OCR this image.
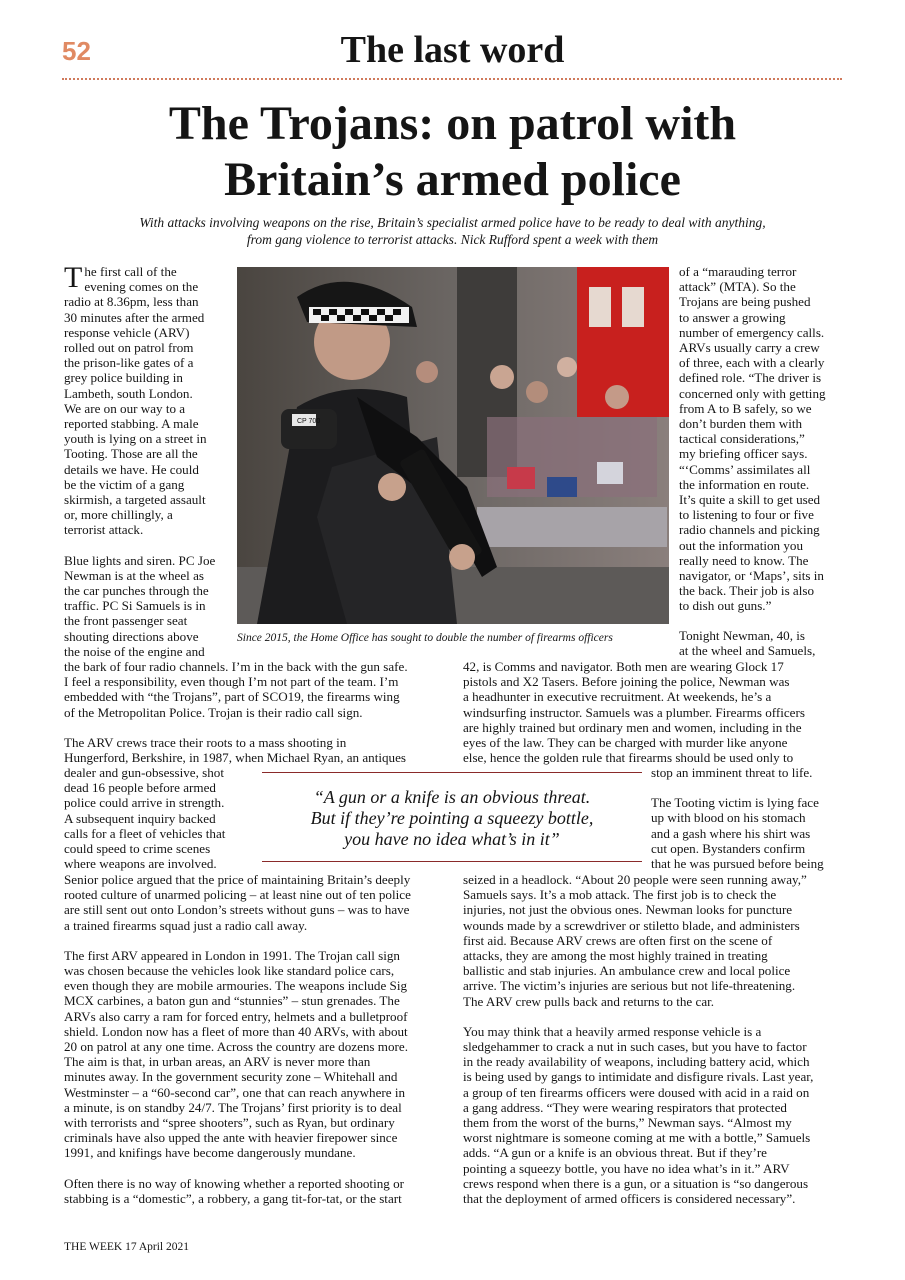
52	The last word
The Trojans: on patrol with
Britain’s armed police
With attacks involving weapons on the rise, Britain’s specialist armed police have to be ready to deal with anything,
from gang violence to terrorist attacks. Nick Rufford spent a week with them
CP 700
Since 2015, the Home Office has sought to double the number of firearms officers
T he first call of the
evening comes on the
radio at 8.36pm, less than
30 minutes after the armed
response vehicle (ARV)
rolled out on patrol from
the prison-like gates of a
grey police building in
Lambeth, south London.
We are on our way to a
reported stabbing. A male
youth is lying on a street in
Tooting. Those are all the
details we have. He could
be the victim of a gang
skirmish, a targeted assault
or, more chillingly, a
terrorist attack.

Blue lights and siren. PC Joe
Newman is at the wheel as
the car punches through the
traffic. PC Si Samuels is in
the front passenger seat
shouting directions above
the noise of the engine and

the bark of four radio channels. I’m in the back with the gun safe.
I feel a responsibility, even though I’m not part of the team. I’m
embedded with “the Trojans”, part of SCO19, the firearms wing
of the Metropolitan Police. Trojan is their radio call sign.

The ARV crews trace their roots to a mass shooting in
Hungerford, Berkshire, in 1987, when Michael Ryan, an antiques

dealer and gun-obsessive, shot
dead 16 people before armed
police could arrive in strength.
A subsequent inquiry backed
calls for a fleet of vehicles that
could speed to crime scenes
where weapons are involved.

Senior police argued that the price of maintaining Britain’s deeply
rooted culture of unarmed policing – at least nine out of ten police
are still sent out onto London’s streets without guns – was to have
a trained firearms squad just a radio call away.

The first ARV appeared in London in 1991. The Trojan call sign
was chosen because the vehicles look like standard police cars,
even though they are mobile armouries. The weapons include Sig
MCX carbines, a baton gun and “stunnies” – stun grenades. The
ARVs also carry a ram for forced entry, helmets and a bulletproof
shield. London now has a fleet of more than 40 ARVs, with about
20 on patrol at any one time. Across the country are dozens more.
The aim is that, in urban areas, an ARV is never more than
minutes away. In the government security zone – Whitehall and
Westminster – a “60-second car”, one that can reach anywhere in
a minute, is on standby 24/7. The Trojans’ first priority is to deal
with terrorists and “spree shooters”, such as Ryan, but ordinary
criminals have also upped the ante with heavier firepower since
1991, and knifings have become dangerously mundane.

Often there is no way of knowing whether a reported shooting or
stabbing is a “domestic”, a robbery, a gang tit-for-tat, or the start

“A gun or a knife is an obvious threat.
But if they’re pointing a squeezy bottle,
you have no idea what’s in it”

of a “marauding terror
attack” (MTA). So the
Trojans are being pushed
to answer a growing
number of emergency calls.
ARVs usually carry a crew
of three, each with a clearly
defined role. “The driver is
concerned only with getting
from A to B safely, so we
don’t burden them with
tactical considerations,”
my briefing officer says.
“‘Comms’ assimilates all
the information en route.
It’s quite a skill to get used
to listening to four or five
radio channels and picking
out the information you
really need to know. The
navigator, or ‘Maps’, sits in
the back. Their job is also
to dish out guns.”

Tonight Newman, 40, is
at the wheel and Samuels,

42, is Comms and navigator. Both men are wearing Glock 17
pistols and X2 Tasers. Before joining the police, Newman was
a headhunter in executive recruitment. At weekends, he’s a
windsurfing instructor. Samuels was a plumber. Firearms officers
are highly trained but ordinary men and women, including in the
eyes of the law. They can be charged with murder like anyone
else, hence the golden rule that firearms should be used only to

stop an imminent threat to life.

The Tooting victim is lying face
up with blood on his stomach
and a gash where his shirt was
cut open. Bystanders confirm
that he was pursued before being

seized in a headlock. “About 20 people were seen running away,”
Samuels says. It’s a mob attack. The first job is to check the
injuries, not just the obvious ones. Newman looks for puncture
wounds made by a screwdriver or stiletto blade, and administers
first aid. Because ARV crews are often first on the scene of
attacks, they are among the most highly trained in treating
ballistic and stab injuries. An ambulance crew and local police
arrive. The victim’s injuries are serious but not life-threatening.
The ARV crew pulls back and returns to the car.

You may think that a heavily armed response vehicle is a
sledgehammer to crack a nut in such cases, but you have to factor
in the ready availability of weapons, including battery acid, which
is being used by gangs to intimidate and disfigure rivals. Last year,
a group of ten firearms officers were doused with acid in a raid on
a gang address. “They were wearing respirators that protected
them from the worst of the burns,” Newman says. “Almost my
worst nightmare is someone coming at me with a bottle,” Samuels
adds. “A gun or a knife is an obvious threat. But if they’re
pointing a squeezy bottle, you have no idea what’s in it.” ARV
crews respond when there is a gun, or a situation is “so dangerous
that the deployment of armed officers is considered necessary”.

THE WEEK 17 April 2021
